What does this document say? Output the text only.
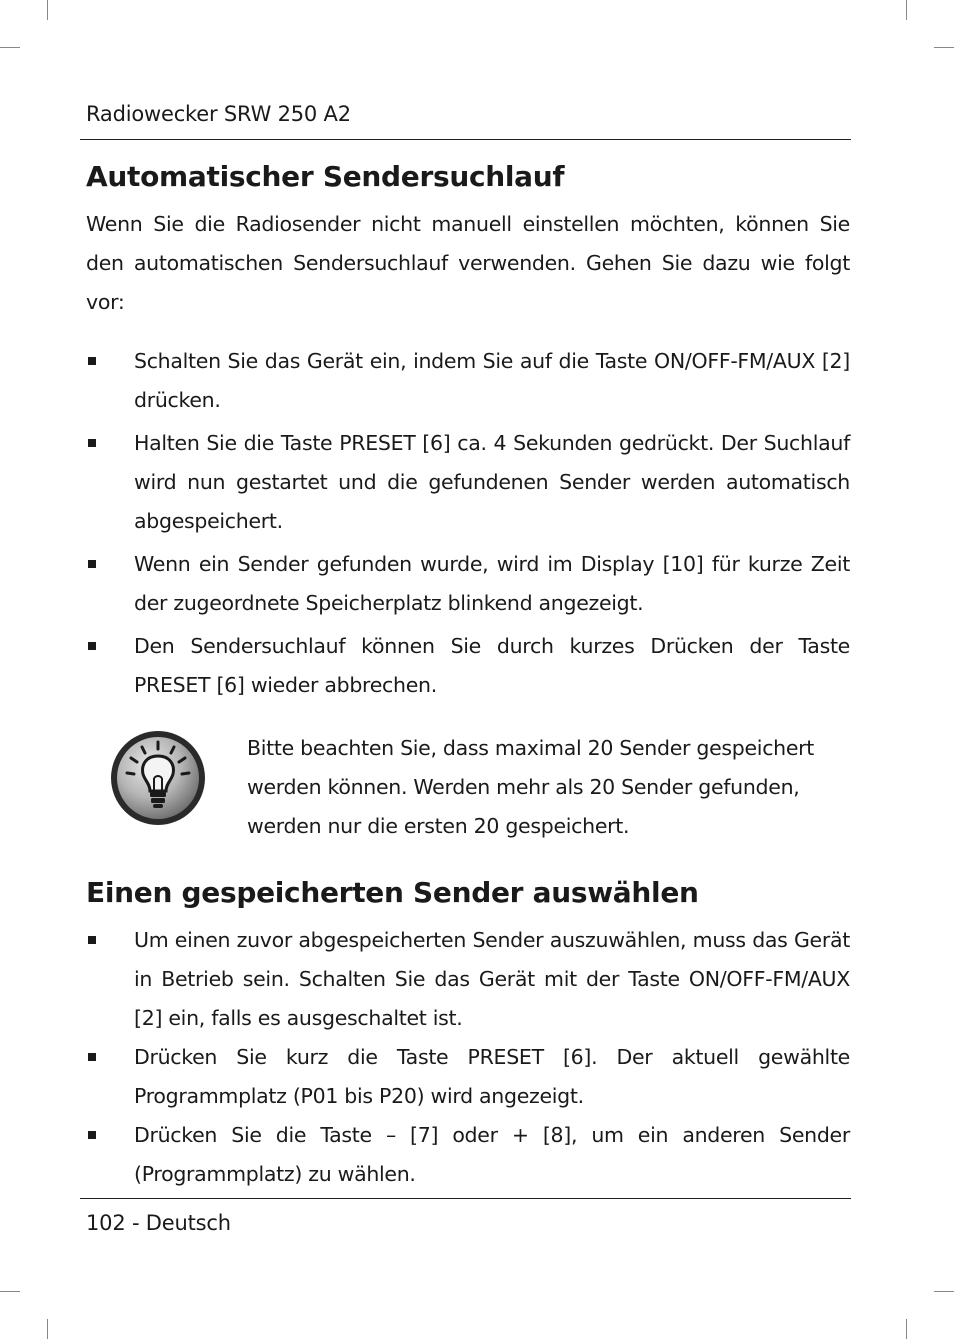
Radiowecker SRW 250 A2
Automatischer Sendersuchlauf

Wenn Sie die Radiosender nicht manuell einstellen möchten, können Sie den automatischen Sendersuchlauf verwenden. Gehen Sie dazu wie folgt vor:

Schalten Sie das Gerät ein, indem Sie auf die Taste ON/OFF-FM/AUX [2] drücken.
Halten Sie die Taste PRESET [6] ca. 4 Sekunden gedrückt. Der Suchlauf wird nun gestartet und die gefundenen Sender werden automatisch abgespeichert.
Wenn ein Sender gefunden wurde, wird im Display [10] für kurze Zeit der zugeordnete Speicherplatz blinkend angezeigt.
Den Sendersuchlauf können Sie durch kurzes Drücken der Taste PRESET [6] wieder abbrechen.

Bitte beachten Sie, dass maximal 20 Sender gespeichert werden können. Werden mehr als 20 Sender gefunden, werden nur die ersten 20 gespeichert.

Einen gespeicherten Sender auswählen
Um einen zuvor abgespeicherten Sender auszuwählen, muss das Gerät in Betrieb sein. Schalten Sie das Gerät mit der Taste ON/OFF-FM/AUX [2] ein, falls es ausgeschaltet ist.
Drücken Sie kurz die Taste PRESET [6]. Der aktuell gewählte Programmplatz (P01 bis P20) wird angezeigt.
Drücken Sie die Taste – [7] oder + [8], um ein anderen Sender (Programmplatz) zu wählen.
102 - Deutsch
